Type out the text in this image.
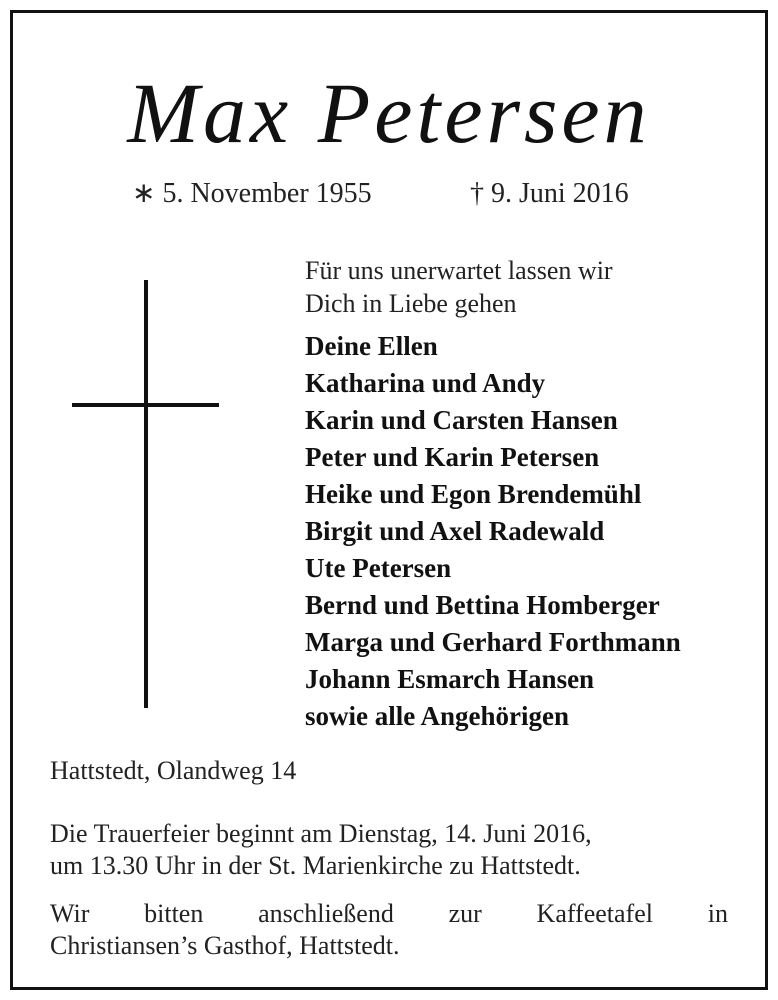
Max Petersen
∗ 5. November 1955	† 9. Juni 2016
Für uns unerwartet lassen wir
Dich in Liebe gehen
Deine Ellen
Katharina und Andy
Karin und Carsten Hansen
Peter und Karin Petersen
Heike und Egon Brendemühl
Birgit und Axel Radewald
Ute Petersen
Bernd und Bettina Homberger
Marga und Gerhard Forthmann
Johann Esmarch Hansen
sowie alle Angehörigen
Hattstedt, Olandweg 14
Die Trauerfeier beginnt am Dienstag, 14. Juni 2016,
um 13.30 Uhr in der St. Marienkirche zu Hattstedt.
Wir bitten anschließend zur Kaffeetafel in
Christiansen’s Gasthof, Hattstedt.
